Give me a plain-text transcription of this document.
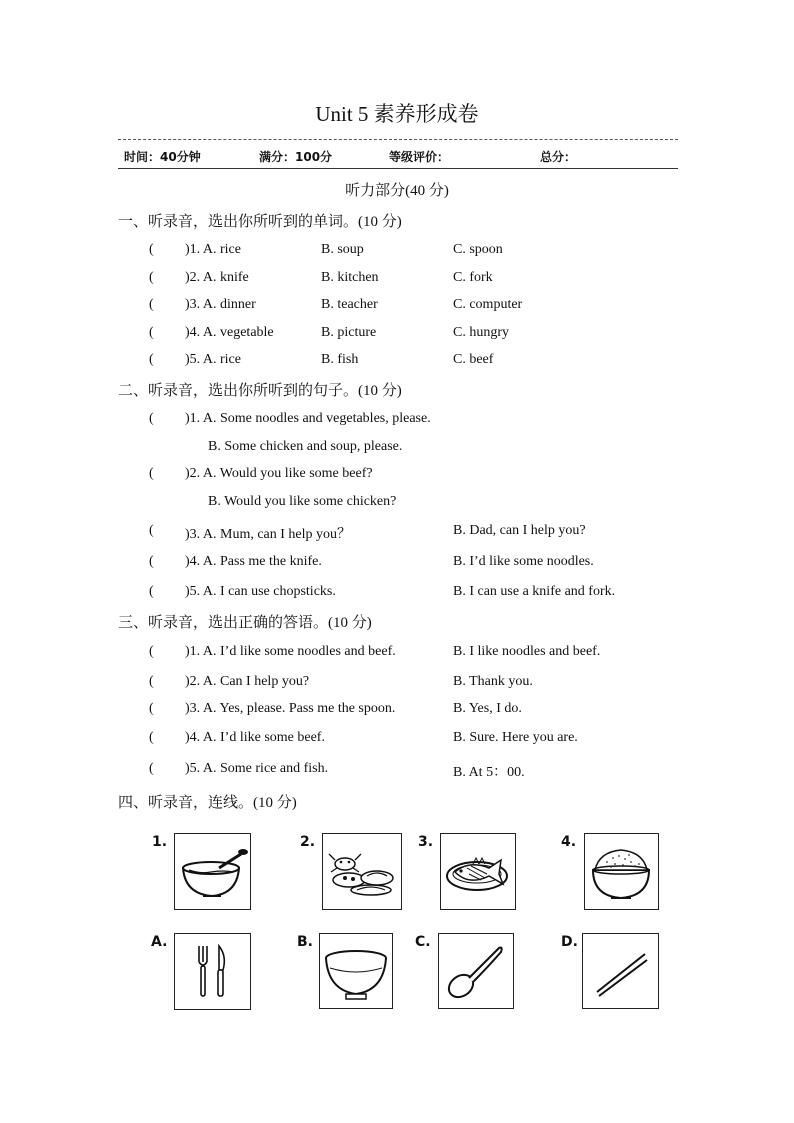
Unit 5 素养形成卷
时间：40分钟	满分：100分	等级评价：	总分：
听力部分(40 分)
一、听录音，选出你所听到的单词。(10 分)
( )1. A. rice	B. soup	C. spoon
( )2. A. knife	B. kitchen	C. fork
( )3. A. dinner	B. teacher	C. computer
( )4. A. vegetable	B. picture	C. hungry
( )5. A. rice	B. fish	C. beef
二、听录音，选出你所听到的句子。(10 分)
( )1. A. Some noodles and vegetables, please.
B. Some chicken and soup, please.
( )2. A. Would you like some beef?
B. Would you like some chicken?
( )3. A. Mum, can I help you？	B. Dad, can I help you?
( )4. A. Pass me the knife.	B. I’d like some noodles.
( )5. A. I can use chopsticks.	B. I can use a knife and fork.
三、听录音，选出正确的答语。(10 分)
( )1. A. I’d like some noodles and beef.	B. I like noodles and beef.
( )2. A. Can I help you?	B. Thank you.
( )3. A. Yes, please. Pass me the spoon.	B. Yes, I do.
( )4. A. I’d like some beef.	B. Sure. Here you are.
( )5. A. Some rice and fish.	B. At 5：00.
四、听录音，连线。(10 分)
1.	2.	3.	4.
A.	B.	C.	D.
